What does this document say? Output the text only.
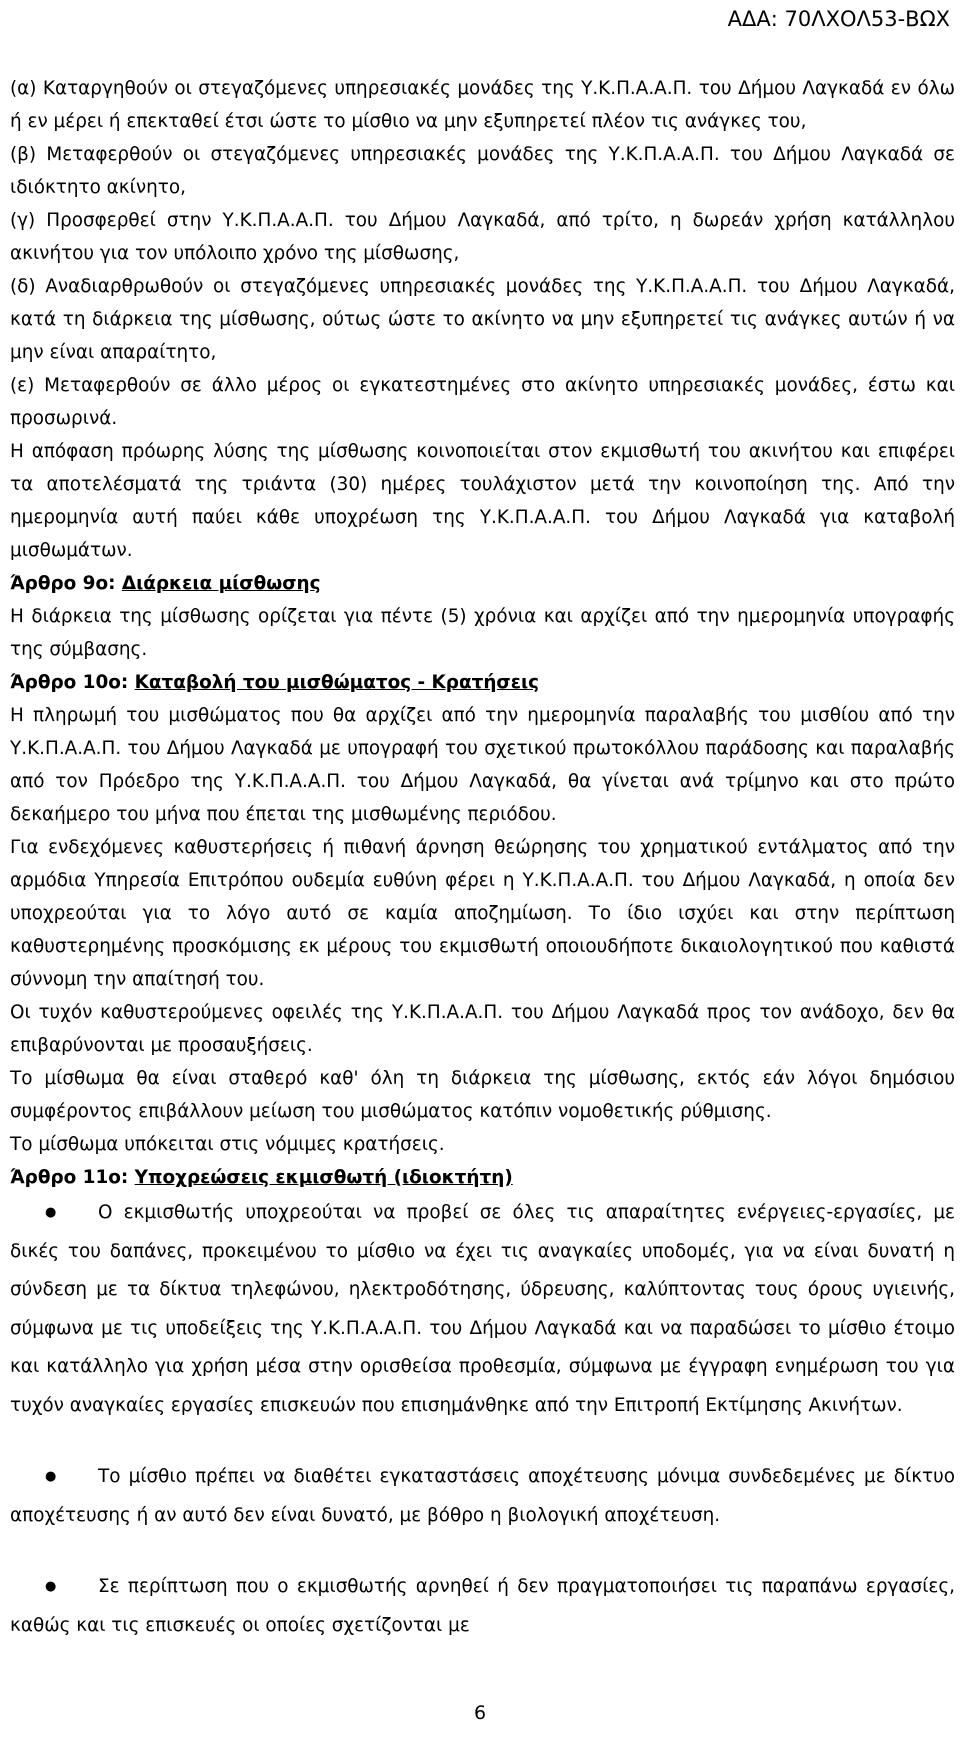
ΑΔΑ: 70ΛΧΟΛ53-ΒΩΧ

(α) Καταργηθούν οι στεγαζόμενες υπηρεσιακές μονάδες της Υ.Κ.Π.Α.Α.Π. του Δήμου Λαγκαδά εν όλω ή εν μέρει ή επεκταθεί έτσι ώστε το μίσθιο να μην εξυπηρετεί πλέον τις ανάγκες του,

(β) Μεταφερθούν οι στεγαζόμενες υπηρεσιακές μονάδες της Υ.Κ.Π.Α.Α.Π. του Δήμου Λαγκαδά σε ιδιόκτητο ακίνητο,

(γ) Προσφερθεί στην Υ.Κ.Π.Α.Α.Π. του Δήμου Λαγκαδά, από τρίτο, η δωρεάν χρήση κατάλληλου ακινήτου για τον υπόλοιπο χρόνο της μίσθωσης,

(δ) Αναδιαρθρωθούν οι στεγαζόμενες υπηρεσιακές μονάδες της Υ.Κ.Π.Α.Α.Π. του Δήμου Λαγκαδά, κατά τη διάρκεια της μίσθωσης, ούτως ώστε το ακίνητο να μην εξυπηρετεί τις ανάγκες αυτών ή να μην είναι απαραίτητο,

(ε) Μεταφερθούν σε άλλο μέρος οι εγκατεστημένες στο ακίνητο υπηρεσιακές μονάδες, έστω και προσωρινά.

Η απόφαση πρόωρης λύσης της μίσθωσης κοινοποιείται στον εκμισθωτή του ακινήτου και επιφέρει τα αποτελέσματά της τριάντα (30) ημέρες τουλάχιστον μετά την κοινοποίηση της. Από την ημερομηνία αυτή παύει κάθε υποχρέωση της Υ.Κ.Π.Α.Α.Π. του Δήμου Λαγκαδά για καταβολή μισθωμάτων.

Άρθρο 9ο: Διάρκεια μίσθωσης

Η διάρκεια της μίσθωσης ορίζεται για πέντε (5) χρόνια και αρχίζει από την ημερομηνία υπογραφής της σύμβασης.

Άρθρο 10ο: Καταβολή του μισθώματος - Κρατήσεις

Η πληρωμή του μισθώματος που θα αρχίζει από την ημερομηνία παραλαβής του μισθίου από την Υ.Κ.Π.Α.Α.Π. του Δήμου Λαγκαδά με υπογραφή του σχετικού πρωτοκόλλου παράδοσης και παραλαβής από τον Πρόεδρο της Υ.Κ.Π.Α.Α.Π. του Δήμου Λαγκαδά, θα γίνεται ανά τρίμηνο και στο πρώτο δεκαήμερο του μήνα που έπεται της μισθωμένης περιόδου.

Για ενδεχόμενες καθυστερήσεις ή πιθανή άρνηση θεώρησης του χρηματικού εντάλματος από την αρμόδια Υπηρεσία Επιτρόπου ουδεμία ευθύνη φέρει η Υ.Κ.Π.Α.Α.Π. του Δήμου Λαγκαδά, η οποία δεν υποχρεούται για το λόγο αυτό σε καμία αποζημίωση. Το ίδιο ισχύει και στην περίπτωση καθυστερημένης προσκόμισης εκ μέρους του εκμισθωτή οποιουδήποτε δικαιολογητικού που καθιστά σύννομη την απαίτησή του.

Οι τυχόν καθυστερούμενες οφειλές της Υ.Κ.Π.Α.Α.Π. του Δήμου Λαγκαδά προς τον ανάδοχο, δεν θα επιβαρύνονται με προσαυξήσεις.

Το μίσθωμα θα είναι σταθερό καθ' όλη τη διάρκεια της μίσθωσης, εκτός εάν λόγοι δημόσιου συμφέροντος επιβάλλουν μείωση του μισθώματος κατόπιν νομοθετικής ρύθμισης.

Το μίσθωμα υπόκειται στις νόμιμες κρατήσεις.

Άρθρο 11ο: Υποχρεώσεις εκμισθωτή (ιδιοκτήτη)

● Ο εκμισθωτής υποχρεούται να προβεί σε όλες τις απαραίτητες ενέργειες-εργασίες, με δικές του δαπάνες, προκειμένου το μίσθιο να έχει τις αναγκαίες υποδομές, για να είναι δυνατή η σύνδεση με τα δίκτυα τηλεφώνου, ηλεκτροδότησης, ύδρευσης, καλύπτοντας τους όρους υγιεινής, σύμφωνα με τις υποδείξεις της Υ.Κ.Π.Α.Α.Π. του Δήμου Λαγκαδά και να παραδώσει το μίσθιο έτοιμο και κατάλληλο για χρήση μέσα στην ορισθείσα προθεσμία, σύμφωνα με έγγραφη ενημέρωση του για τυχόν αναγκαίες εργασίες επισκευών που επισημάνθηκε από την Επιτροπή Εκτίμησης Ακινήτων.
● Το μίσθιο πρέπει να διαθέτει εγκαταστάσεις αποχέτευσης μόνιμα συνδεδεμένες με δίκτυο αποχέτευσης ή αν αυτό δεν είναι δυνατό, με βόθρο η βιολογική αποχέτευση.
● Σε περίπτωση που ο εκμισθωτής αρνηθεί ή δεν πραγματοποιήσει τις παραπάνω εργασίες, καθώς και τις επισκευές οι οποίες σχετίζονται με
6
